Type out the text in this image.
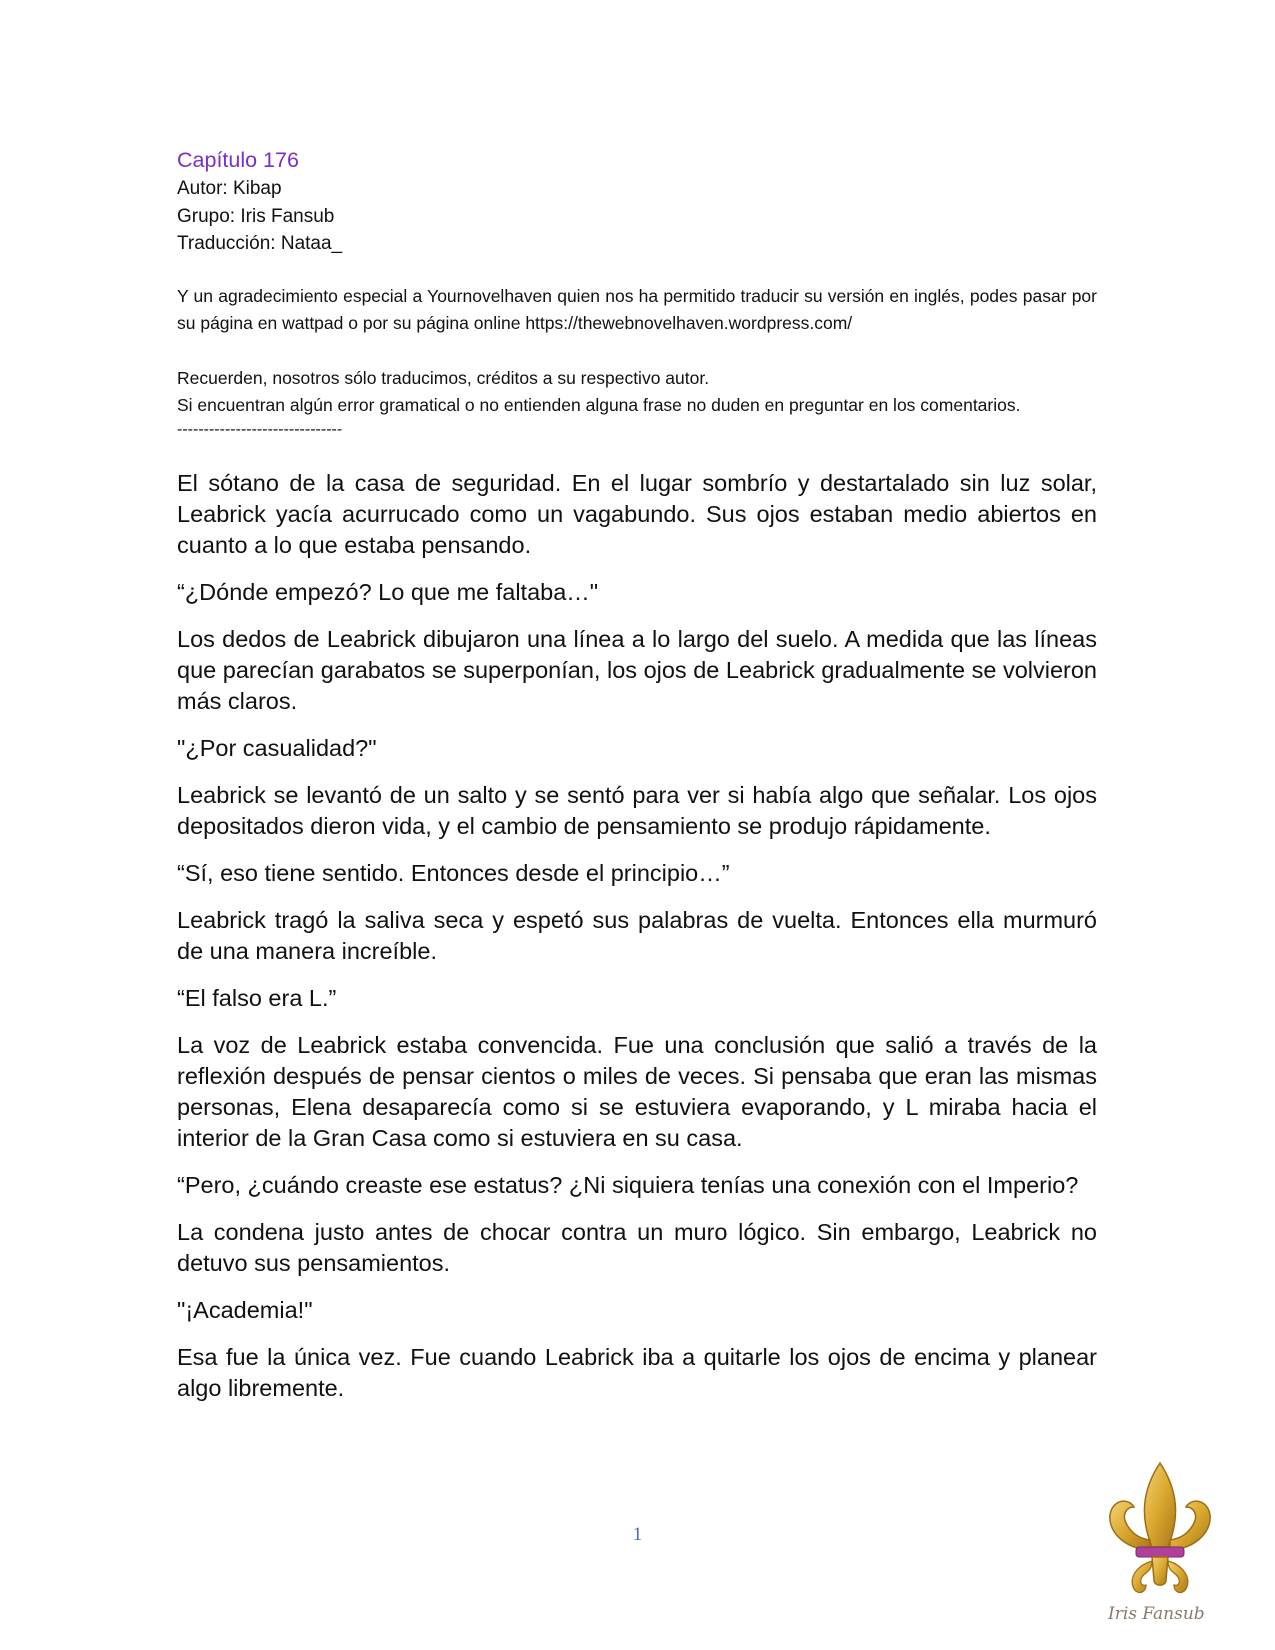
Capítulo 176

Autor: Kibap

Grupo: Iris Fansub

Traducción: Nataa_

Y un agradecimiento especial a Yournovelhaven quien nos ha permitido traducir su versión en inglés, podes pasar por su página en wattpad o por su página online https://thewebnovelhaven.wordpress.com/

Recuerden, nosotros sólo traducimos, créditos a su respectivo autor.

Si encuentran algún error gramatical o no entienden alguna frase no duden en preguntar en los comentarios.

-------------------------------

El sótano de la casa de seguridad. En el lugar sombrío y destartalado sin luz solar, Leabrick yacía acurrucado como un vagabundo. Sus ojos estaban medio abiertos en cuanto a lo que estaba pensando.

“¿Dónde empezó? Lo que me faltaba…"

Los dedos de Leabrick dibujaron una línea a lo largo del suelo. A medida que las líneas que parecían garabatos se superponían, los ojos de Leabrick gradualmente se volvieron más claros.

"¿Por casualidad?"

Leabrick se levantó de un salto y se sentó para ver si había algo que señalar. Los ojos depositados dieron vida, y el cambio de pensamiento se produjo rápidamente.

“Sí, eso tiene sentido. Entonces desde el principio…”

Leabrick tragó la saliva seca y espetó sus palabras de vuelta. Entonces ella murmuró de una manera increíble.

“El falso era L.”

La voz de Leabrick estaba convencida. Fue una conclusión que salió a través de la reflexión después de pensar cientos o miles de veces. Si pensaba que eran las mismas personas, Elena desaparecía como si se estuviera evaporando, y L miraba hacia el interior de la Gran Casa como si estuviera en su casa.

“Pero, ¿cuándo creaste ese estatus? ¿Ni siquiera tenías una conexión con el Imperio?

La condena justo antes de chocar contra un muro lógico. Sin embargo, Leabrick no detuvo sus pensamientos.

"¡Academia!"

Esa fue la única vez. Fue cuando Leabrick iba a quitarle los ojos de encima y planear algo libremente.

1
Iris Fansub
